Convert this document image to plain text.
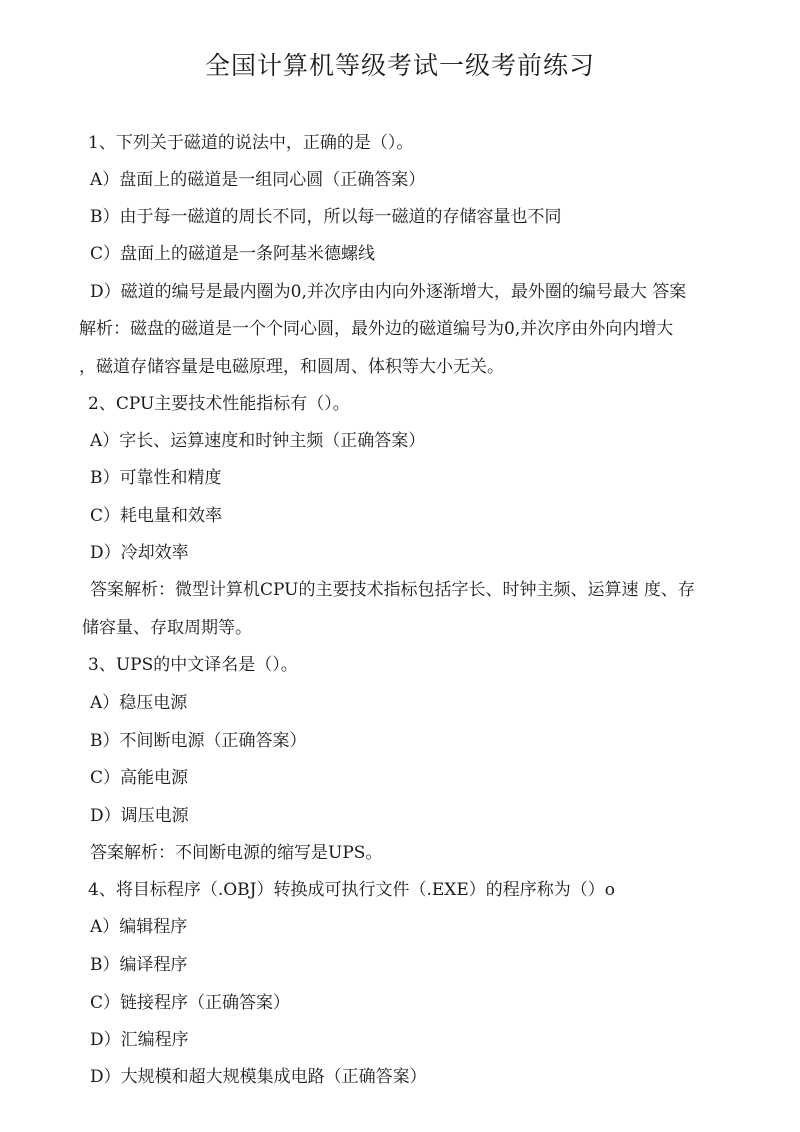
全国计算机等级考试一级考前练习
1、下列关于磁道的说法中，正确的是（）。
A）盘面上的磁道是一组同心圆（正确答案）
B）由于每一磁道的周长不同，所以每一磁道的存储容量也不同
C）盘面上的磁道是一条阿基米德螺线
D）磁道的编号是最内圈为0,并次序由内向外逐渐增大，最外圈的编号最大 答案
解析：磁盘的磁道是一个个同心圆，最外边的磁道编号为0,并次序由外向内增大
，磁道存储容量是电磁原理，和圆周、体积等大小无关。
2、CPU主要技术性能指标有（）。
A）字长、运算速度和时钟主频（正确答案）
B）可靠性和精度
C）耗电量和效率
D）冷却效率
答案解析：微型计算机CPU的主要技术指标包括字长、时钟主频、运算速 度、存
储容量、存取周期等。
3、UPS的中文译名是（）。
A）稳压电源
B）不间断电源（正确答案）
C）高能电源
D）调压电源
答案解析：不间断电源的缩写是UPS。
4、将目标程序（.OBJ）转换成可执行文件（.EXE）的程序称为（）o
A）编辑程序
B）编译程序
C）链接程序（正确答案）
D）汇编程序
D）大规模和超大规模集成电路（正确答案）
